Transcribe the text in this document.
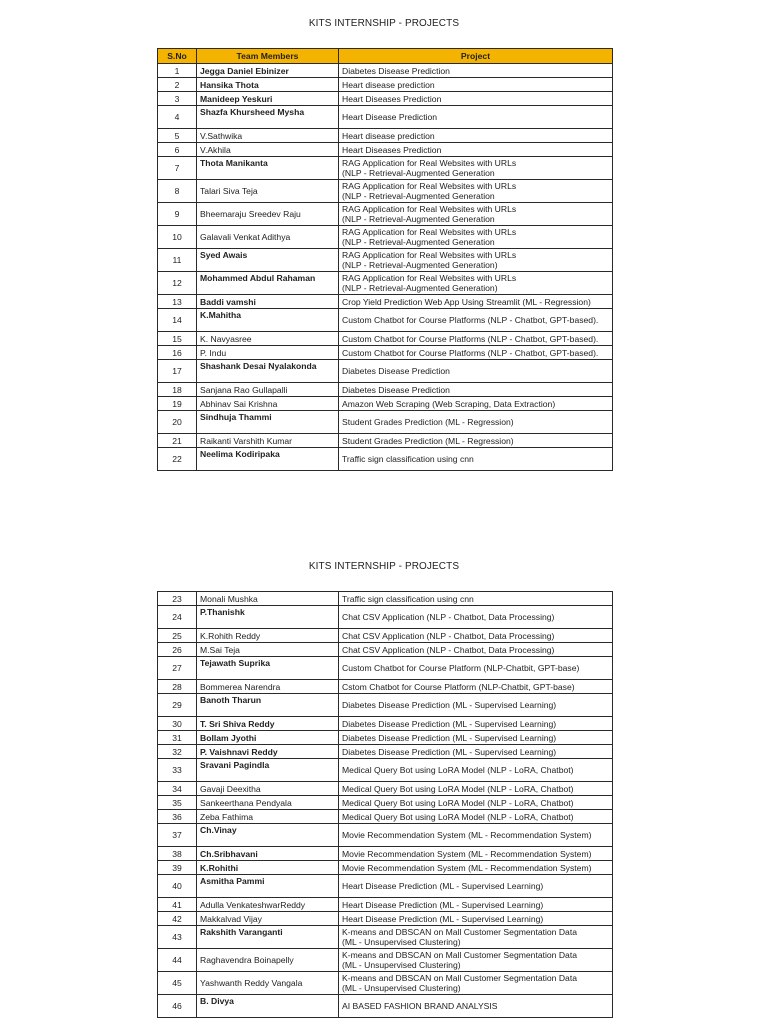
KITS INTERNSHIP - PROJECTS
S.No	Team Members	Project
1	Jegga Daniel Ebinizer	Diabetes Disease Prediction

2	Hansika Thota	Heart disease prediction

3	Manideep Yeskuri	Heart Diseases Prediction

4	Shazfa Khursheed Mysha	Heart Disease Prediction

5	V.Sathwika	Heart disease prediction

6	V.Akhila	Heart Diseases Prediction

7	Thota Manikanta	RAG Application for Real Websites with URLs
(NLP - Retrieval-Augmented Generation

8	Talari Siva Teja	RAG Application for Real Websites with URLs
(NLP - Retrieval-Augmented Generation

9	Bheemaraju Sreedev Raju	RAG Application for Real Websites with URLs
(NLP - Retrieval-Augmented Generation

10	Galavali Venkat Adithya	RAG Application for Real Websites with URLs
(NLP - Retrieval-Augmented Generation

11	Syed Awais	RAG Application for Real Websites with URLs
(NLP - Retrieval-Augmented Generation)

12	Mohammed Abdul Rahaman	RAG Application for Real Websites with URLs
(NLP - Retrieval-Augmented Generation)

13	Baddi vamshi	Crop Yield Prediction Web App Using Streamlit (ML - Regression)

14	K.Mahitha	Custom Chatbot for Course Platforms (NLP - Chatbot, GPT-based).

15	K. Navyasree	Custom Chatbot for Course Platforms (NLP - Chatbot, GPT-based).

16	P. Indu	Custom Chatbot for Course Platforms (NLP - Chatbot, GPT-based).

17	Shashank Desai Nyalakonda	Diabetes Disease Prediction

18	Sanjana Rao Gullapalli	Diabetes Disease Prediction

19	Abhinav Sai Krishna	Amazon Web Scraping (Web Scraping, Data Extraction)

20	Sindhuja Thammi	Student Grades Prediction (ML - Regression)

21	Raikanti Varshith Kumar	Student Grades Prediction (ML - Regression)

22	Neelima Kodiripaka	Traffic sign classification using cnn
KITS INTERNSHIP - PROJECTS
23	Monali Mushka	Traffic sign classification using cnn

24	P.Thanishk	Chat CSV Application (NLP - Chatbot, Data Processing)

25	K.Rohith Reddy	Chat CSV Application (NLP - Chatbot, Data Processing)

26	M.Sai Teja	Chat CSV Application (NLP - Chatbot, Data Processing)

27	Tejawath Suprika	Custom Chatbot for Course Platform (NLP-Chatbit, GPT-base)

28	Bommerea Narendra	Cstom Chatbot for Course Platform (NLP-Chatbit, GPT-base)

29	Banoth Tharun	Diabetes Disease Prediction (ML - Supervised Learning)

30	T. Sri Shiva Reddy	Diabetes Disease Prediction (ML - Supervised Learning)

31	Bollam Jyothi	Diabetes Disease Prediction (ML - Supervised Learning)

32	P. Vaishnavi Reddy	Diabetes Disease Prediction (ML - Supervised Learning)

33	Sravani Pagindla	Medical Query Bot using LoRA Model (NLP - LoRA, Chatbot)

34	Gavaji Deexitha	Medical Query Bot using LoRA Model (NLP - LoRA, Chatbot)

35	Sankeerthana Pendyala	Medical Query Bot using LoRA Model (NLP - LoRA, Chatbot)

36	Zeba Fathima	Medical Query Bot using LoRA Model (NLP - LoRA, Chatbot)

37	Ch.Vinay	Movie Recommendation System (ML - Recommendation System)

38	Ch.Sribhavani	Movie Recommendation System (ML - Recommendation System)

39	K.Rohithi	Movie Recommendation System (ML - Recommendation System)

40	Asmitha Pammi	Heart Disease Prediction (ML - Supervised Learning)

41	Adulla VenkateshwarReddy	Heart Disease Prediction (ML - Supervised Learning)

42	Makkalvad Vijay	Heart Disease Prediction (ML - Supervised Learning)

43	Rakshith Varanganti	K-means and DBSCAN on Mall Customer Segmentation Data
(ML - Unsupervised Clustering)

44	Raghavendra Boinapelly	K-means and DBSCAN on Mall Customer Segmentation Data
(ML - Unsupervised Clustering)

45	Yashwanth Reddy Vangala	K-means and DBSCAN on Mall Customer Segmentation Data
(ML - Unsupervised Clustering)

46	B. Divya	AI BASED FASHION BRAND ANALYSIS
